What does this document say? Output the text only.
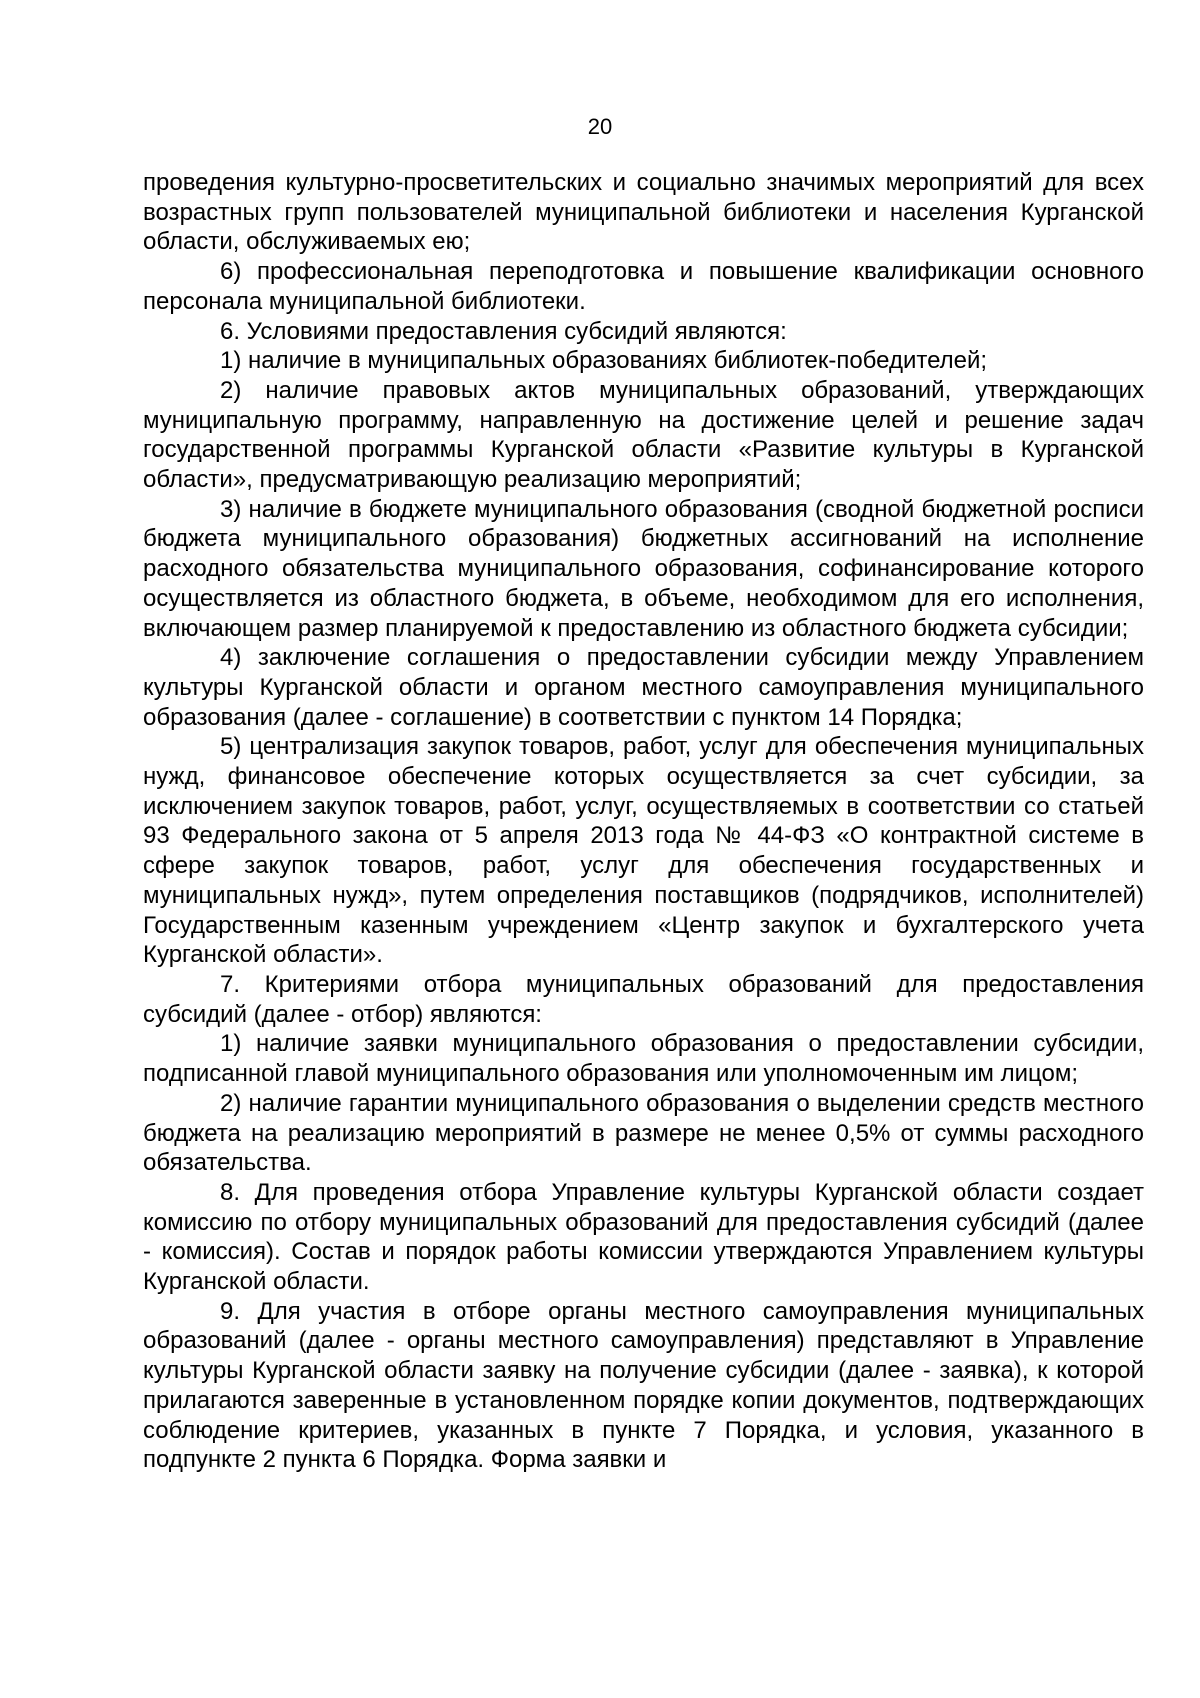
20

проведения культурно-просветительских и социально значимых мероприятий для всех возрастных групп пользователей муниципальной библиотеки и населения Курганской области, обслуживаемых ею;

6) профессиональная переподготовка и повышение квалификации основного персонала муниципальной библиотеки.

6. Условиями предоставления субсидий являются:

1) наличие в муниципальных образованиях библиотек-победителей;

2) наличие правовых актов муниципальных образований, утверждающих муниципальную программу, направленную на достижение целей и решение задач государственной программы Курганской области «Развитие культуры в Курганской области», предусматривающую реализацию мероприятий;

3) наличие в бюджете муниципального образования (сводной бюджетной росписи бюджета муниципального образования) бюджетных ассигнований на исполнение расходного обязательства муниципального образования, софинансирование которого осуществляется из областного бюджета, в объеме, необходимом для его исполнения, включающем размер планируемой к предоставлению из областного бюджета субсидии;

4) заключение соглашения о предоставлении субсидии между Управлением культуры Курганской области и органом местного самоуправления муниципального образования (далее - соглашение) в соответствии с пунктом 14 Порядка;

5) централизация закупок товаров, работ, услуг для обеспечения муниципальных нужд, финансовое обеспечение которых осуществляется за счет субсидии, за исключением закупок товаров, работ, услуг, осуществляемых в соответствии со статьей 93 Федерального закона от 5 апреля 2013 года № 44-ФЗ «О контрактной системе в сфере закупок товаров, работ, услуг для обеспечения государственных и муниципальных нужд», путем определения поставщиков (подрядчиков, исполнителей) Государственным казенным учреждением «Центр закупок и бухгалтерского учета Курганской области».

7. Критериями отбора муниципальных образований для предоставления субсидий (далее - отбор) являются:

1) наличие заявки муниципального образования о предоставлении субсидии, подписанной главой муниципального образования или уполномоченным им лицом;

2) наличие гарантии муниципального образования о выделении средств местного бюджета на реализацию мероприятий в размере не менее 0,5% от суммы расходного обязательства.

8. Для проведения отбора Управление культуры Курганской области создает комиссию по отбору муниципальных образований для предоставления субсидий (далее - комиссия). Состав и порядок работы комиссии утверждаются Управлением культуры Курганской области.

9. Для участия в отборе органы местного самоуправления муниципальных образований (далее - органы местного самоуправления) представляют в Управление культуры Курганской области заявку на получение субсидии (далее - заявка), к которой прилагаются заверенные в установленном порядке копии документов, подтверждающих соблюдение критериев, указанных в пункте 7 Порядка, и условия, указанного в подпункте 2 пункта 6 Порядка. Форма заявки и
